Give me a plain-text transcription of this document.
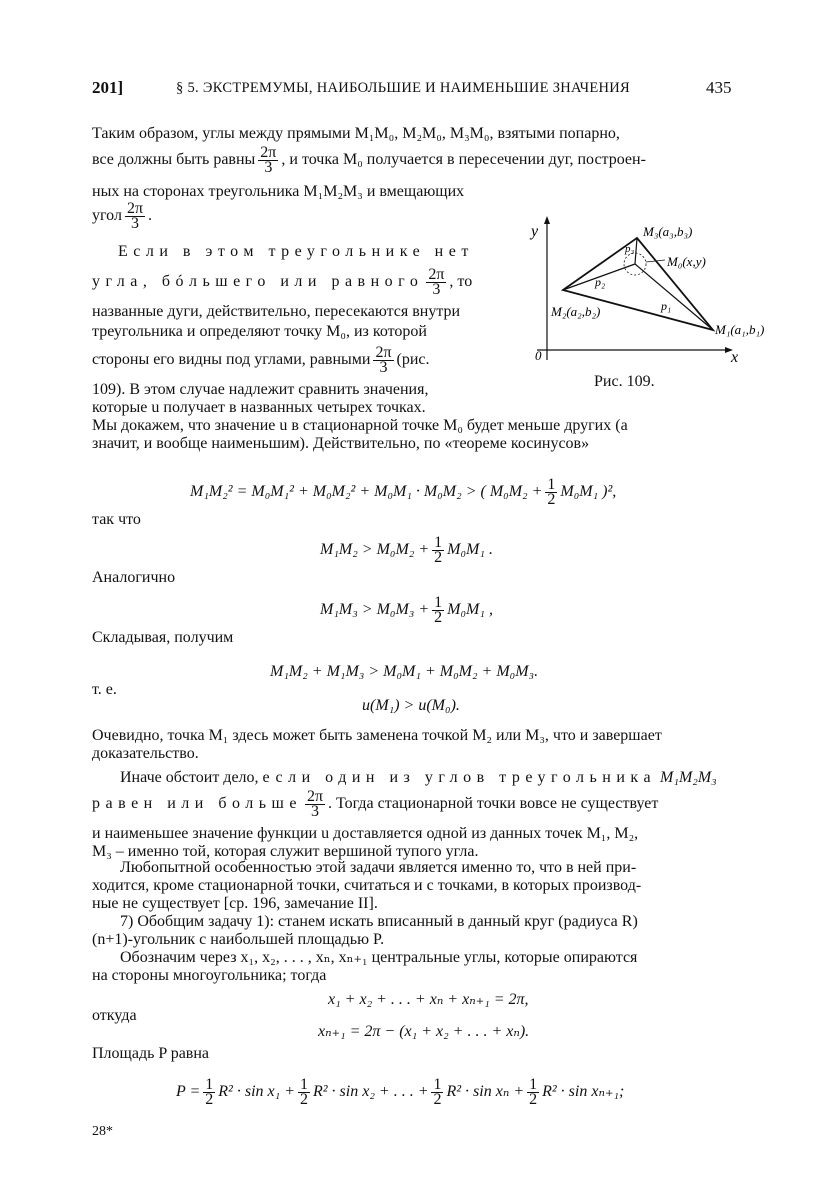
201]	§ 5. ЭКСТРЕМУМЫ, НАИБОЛЬШИЕ И НАИМЕНЬШИЕ ЗНАЧЕНИЯ	435
Таким образом, углы между прямыми M₁M₀, M₂M₀, M₃M₀, взятыми попарно,
все должны быть равны $\frac{2\pi}{3}$ , и точка M₀ получается в пересечении дуг, построен-
ных на сторонах треугольника M₁M₂M₃ и вмещающих
угол $\frac{2\pi}{3}$ .
Если в этом треугольнике нет
угла, бóльшего или равного $\frac{2\pi}{3}$ , то
названные дуги, действительно, пересекаются внутри
треугольника и определяют точку M₀, из которой
стороны его видны под углами, равными $\frac{2\pi}{3} (рис$.
109). В этом случае надлежит сравнить значения,
которые u получает в названных четырех точках.
Мы докажем, что значение u в стационарной точке M₀ будет меньше других (а
значит, и вообще наименьшим). Действительно, по «теореме косинусов»
y
x
0
M₁(a₁,b₁)
M₂(a₂,b₂)
M₃(a₃,b₃)
M₀(x,y)
p₁
p₂
p₃
Рис. 109.
M₁M₂² = M₀M₁² + M₀M₂² + M₀M₁ · M₀M₂ > ( $M_0M_2 + \frac{1}{2} M_0M_1$ )²,
так что
$M_1M_2 > M_0M_2 + \frac{1}{2} M_0M_1$ .
Аналогично
$M_1M_3 > M_0M_3 + \frac{1}{2} M_0M_1$ ,
Складывая, получим
M₁M₂ + M₁M₃ > M₀M₁ + M₀M₂ + M₀M₃.
т. е.
u(M₁) > u(M₀).
Очевидно, точка M₁ здесь может быть заменена точкой M₂ или M₃, что и завершает
доказательство.
Иначе обстоит дело, если один из углов треугольника M₁M₂M₃
равен или больше $\frac{2\pi}{3}$ . Тогда стационарной точки вовсе не существует
и наименьшее значение функции u доставляется одной из данных точек M₁, M₂,
M₃ – именно той, которая служит вершиной тупого угла.
Любопытной особенностью этой задачи является именно то, что в ней при-
ходится, кроме стационарной точки, считаться и с точками, в которых производ-
ные не существует [ср. 196, замечание II].
7) Обобщим задачу 1): станем искать вписанный в данный круг (радиуса R)
(n+1)-угольник с наибольшей площадью P.
Обозначим через x₁, x₂, . . . , xₙ, xₙ₊₁ центральные углы, которые опираются
на стороны многоугольника; тогда
x₁ + x₂ + . . . + xₙ + xₙ₊₁ = 2π,
откуда
xₙ₊₁ = 2π − (x₁ + x₂ + . . . + xₙ).
Площадь P равна
$P = \frac{1}{2} R^2 \cdot \sin x_1 + \frac{1}{2} R^2 \cdot \sin x_2$ + . . . + $\frac{1}{2} R^2 \cdot \sin x_n + \frac{1}{2} R^2 \cdot \sin x_{n+1}$;
28*
